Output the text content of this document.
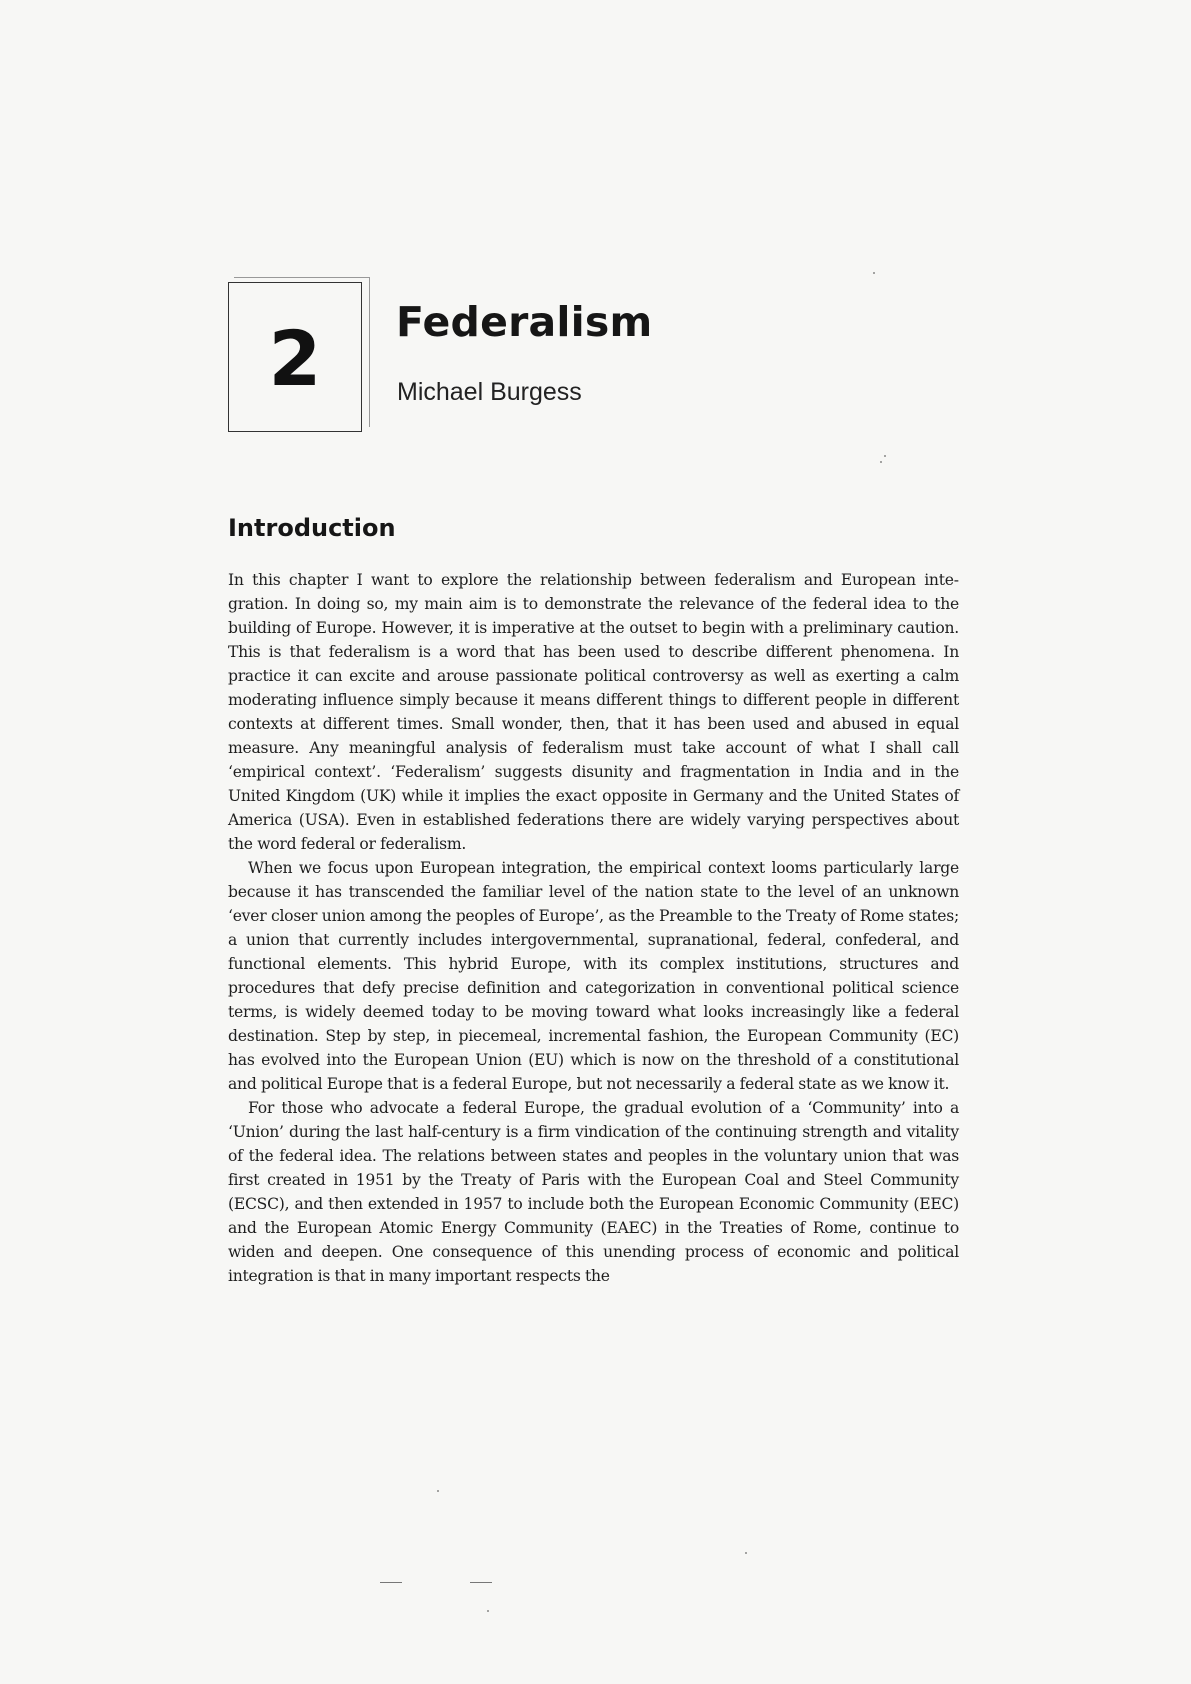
2	Federalism
Michael Burgess
Introduction

In this chapter I want to explore the relationship between federalism and European integration. In doing so, my main aim is to demonstrate the relevance of the federal idea to the building of Europe. However, it is imperative at the outset to begin with a preliminary caution. This is that federalism is a word that has been used to describe different phenomena. In practice it can excite and arouse passionate political controversy as well as exerting a calm moderating influence simply because it means different things to different people in different contexts at different times. Small wonder, then, that it has been used and abused in equal measure. Any meaningful analysis of federalism must take account of what I shall call ‘empirical context’. ‘Federalism’ suggests disunity and fragmentation in India and in the United Kingdom (UK) while it implies the exact opposite in Germany and the United States of America (USA). Even in established federations there are widely varying perspectives about the word federal or federalism.

When we focus upon European integration, the empirical context looms particularly large because it has transcended the familiar level of the nation state to the level of an unknown ‘ever closer union among the peoples of Europe’, as the Preamble to the Treaty of Rome states; a union that currently includes intergovernmental, supranational, federal, confederal, and functional elements. This hybrid Europe, with its complex institutions, structures and procedures that defy precise definition and categorization in conventional political science terms, is widely deemed today to be moving toward what looks increasingly like a federal destination. Step by step, in piecemeal, incremental fashion, the European Community (EC) has evolved into the European Union (EU) which is now on the threshold of a constitutional and political Europe that is a federal Europe, but not necessarily a federal state as we know it.

For those who advocate a federal Europe, the gradual evolution of a ‘Community’ into a ‘Union’ during the last half-century is a firm vindication of the continuing strength and vitality of the federal idea. The relations between states and peoples in the voluntary union that was first created in 1951 by the Treaty of Paris with the European Coal and Steel Community (ECSC), and then extended in 1957 to include both the European Economic Community (EEC) and the European Atomic Energy Community (EAEC) in the Treaties of Rome, continue to widen and deepen. One consequence of this unending process of economic and political integration is that in many important respects the
